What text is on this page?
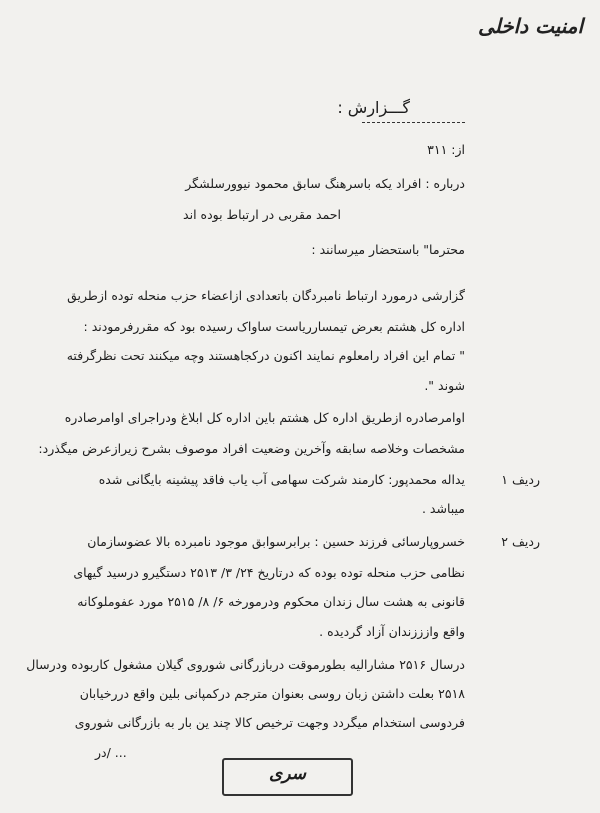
امنیت داخلی
گـــزارش :
از: ۳۱۱
درباره : افراد یکه باسرهنگ سابق محمود نیوورسلشگر
احمد مقربی در ارتباط بوده اند
محترما" باستحضار میرسانند :
گزارشی درمورد ارتباط نامبردگان باتعدادی ازاعضاء حزب منحله توده ازطریق
اداره کل هشتم بعرض تیمسارریاست ساواک رسیده بود که مقررفرمودند :
" تمام این افراد رامعلوم نمایند اکنون درکجاهستند وچه میکنند تحت نظرگرفته
شوند ".
اوامرصادره ازطریق اداره کل هشتم باین اداره کل ابلاغ ودراجرای اوامرصادره
مشخصات وخلاصه سابقه وآخرین وضعیت افراد موصوف بشرح زیرازعرض میگذرد:
ردیف ۱
یداله محمدپور: کارمند شرکت سهامی آب یاب فاقد پیشینه بایگانی شده
میباشد .
ردیف ۲
خسروپارسائی فرزند حسین : برابرسوابق موجود نامبرده بالا عضوسازمان
نظامی حزب منحله توده بوده که درتاریخ ۲۴/ ۳/ ۲۵۱۳ دستگیرو درسید گیهای
قانونی به هشت سال زندان محکوم ودرمورخه ۶/ ۸/ ۲۵۱۵ مورد عفوملوکانه
واقع وازززندان آزاد گردیده .
درسال ۲۵۱۶ مشارالیه بطورموقت دربازرگانی شوروی گیلان مشغول کاربوده ودرسال
۲۵۱۸ بعلت داشتن زبان روسی بعنوان مترجم درکمپانی بلین واقع دررخیابان
فردوسی استخدام میگردد وجهت ترخیص کالا چند ین بار به بازرگانی شوروی
در/ ...
سری
